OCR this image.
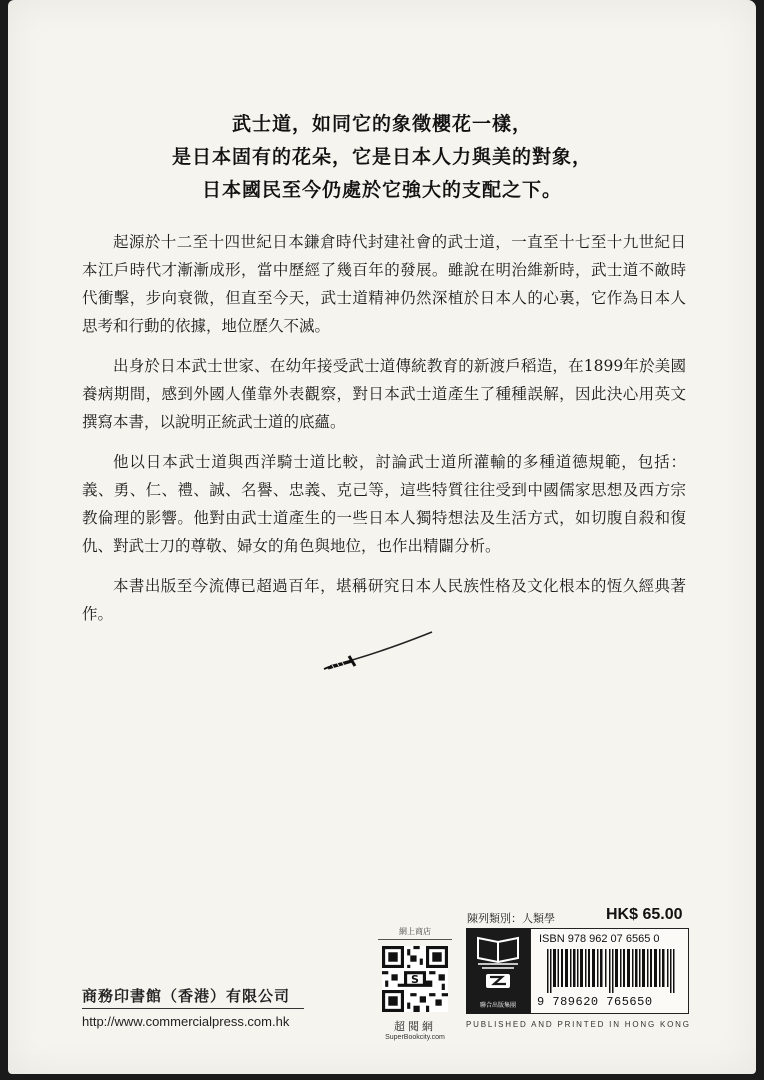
武士道，如同它的象徵櫻花一樣，
是日本固有的花朵，它是日本人力與美的對象，
日本國民至今仍處於它強大的支配之下。

起源於十二至十四世紀日本鎌倉時代封建社會的武士道，一直至十七至十九世紀日本江戶時代才漸漸成形，當中歷經了幾百年的發展。雖說在明治維新時，武士道不敵時代衝擊，步向衰微，但直至今天，武士道精神仍然深植於日本人的心裏，它作為日本人思考和行動的依據，地位歷久不滅。

出身於日本武士世家、在幼年接受武士道傳統教育的新渡戶稻造，在1899年於美國養病期間，感到外國人僅靠外表觀察，對日本武士道產生了種種誤解，因此決心用英文撰寫本書，以說明正統武士道的底蘊。

他以日本武士道與西洋騎士道比較，討論武士道所灌輸的多種道德規範，包括：義、勇、仁、禮、誠、名譽、忠義、克己等，這些特質往往受到中國儒家思想及西方宗教倫理的影響。他對由武士道產生的一些日本人獨特想法及生活方式，如切腹自殺和復仇、對武士刀的尊敬、婦女的角色與地位，也作出精闢分析。

本書出版至今流傳已超過百年，堪稱研究日本人民族性格及文化根本的恆久經典著作。

商務印書館（香港）有限公司
http://www.commercialpress.com.hk
網上商店
S
超閱網
SuperBookcity.com
陳列類別：人類學	HK$ 65.00
聯合出版集團
ISBN 978 962 07 6565 0
9 789620 765650
PUBLISHED AND PRINTED IN HONG KONG
